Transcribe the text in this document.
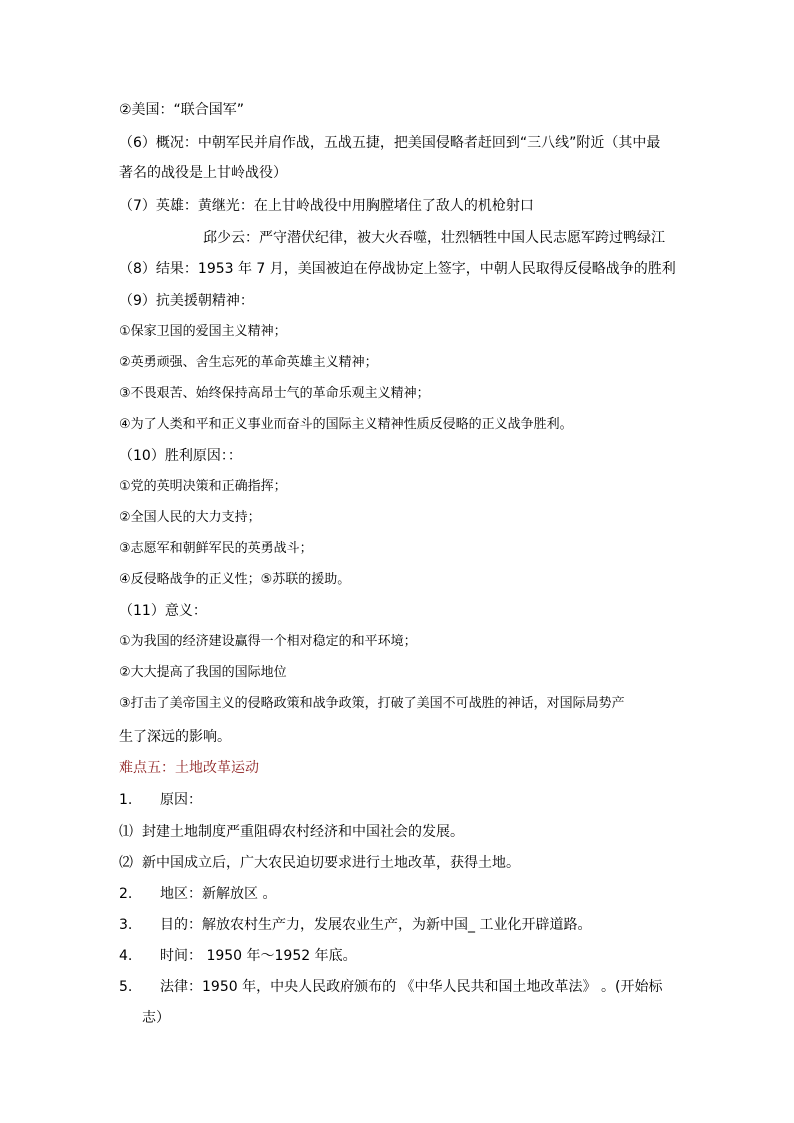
②美国：“联合国军”
（6）概况：中朝军民并肩作战，五战五捷，把美国侵略者赶回到“三八线”附近（其中最
著名的战役是上甘岭战役）
（7）英雄：黄继光：在上甘岭战役中用胸膛堵住了敌人的机枪射口
邱少云：严守潜伏纪律，被大火吞噬，壮烈牺牲中国人民志愿军跨过鸭绿江
（8）结果：1953 年 7 月，美国被迫在停战协定上签字，中朝人民取得反侵略战争的胜利
（9）抗美援朝精神：
①保家卫国的爱国主义精神；
②英勇顽强、舍生忘死的革命英雄主义精神；
③不畏艰苦、始终保持高昂士气的革命乐观主义精神；
④为了人类和平和正义事业而奋斗的国际主义精神性质反侵略的正义战争胜利。
（10）胜利原因：：
①党的英明决策和正确指挥；
②全国人民的大力支持；
③志愿军和朝鲜军民的英勇战斗；
④反侵略战争的正义性；⑤苏联的援助。
（11）意义：
①为我国的经济建设赢得一个相对稳定的和平环境；
②大大提高了我国的国际地位
③打击了美帝国主义的侵略政策和战争政策，打破了美国不可战胜的神话，对国际局势产
生了深远的影响。
难点五：土地改革运动
1. 原因：
⑴ 封建土地制度严重阻碍农村经济和中国社会的发展。
⑵ 新中国成立后，广大农民迫切要求进行土地改革，获得土地。
2. 地区：新解放区 。
3. 目的：解放农村生产力，发展农业生产，为新中国_ 工业化开辟道路。
4. 时间： 1950 年～1952 年底。
5. 法律：1950 年，中央人民政府颁布的 《中华人民共和国土地改革法》 。(开始标
志）
